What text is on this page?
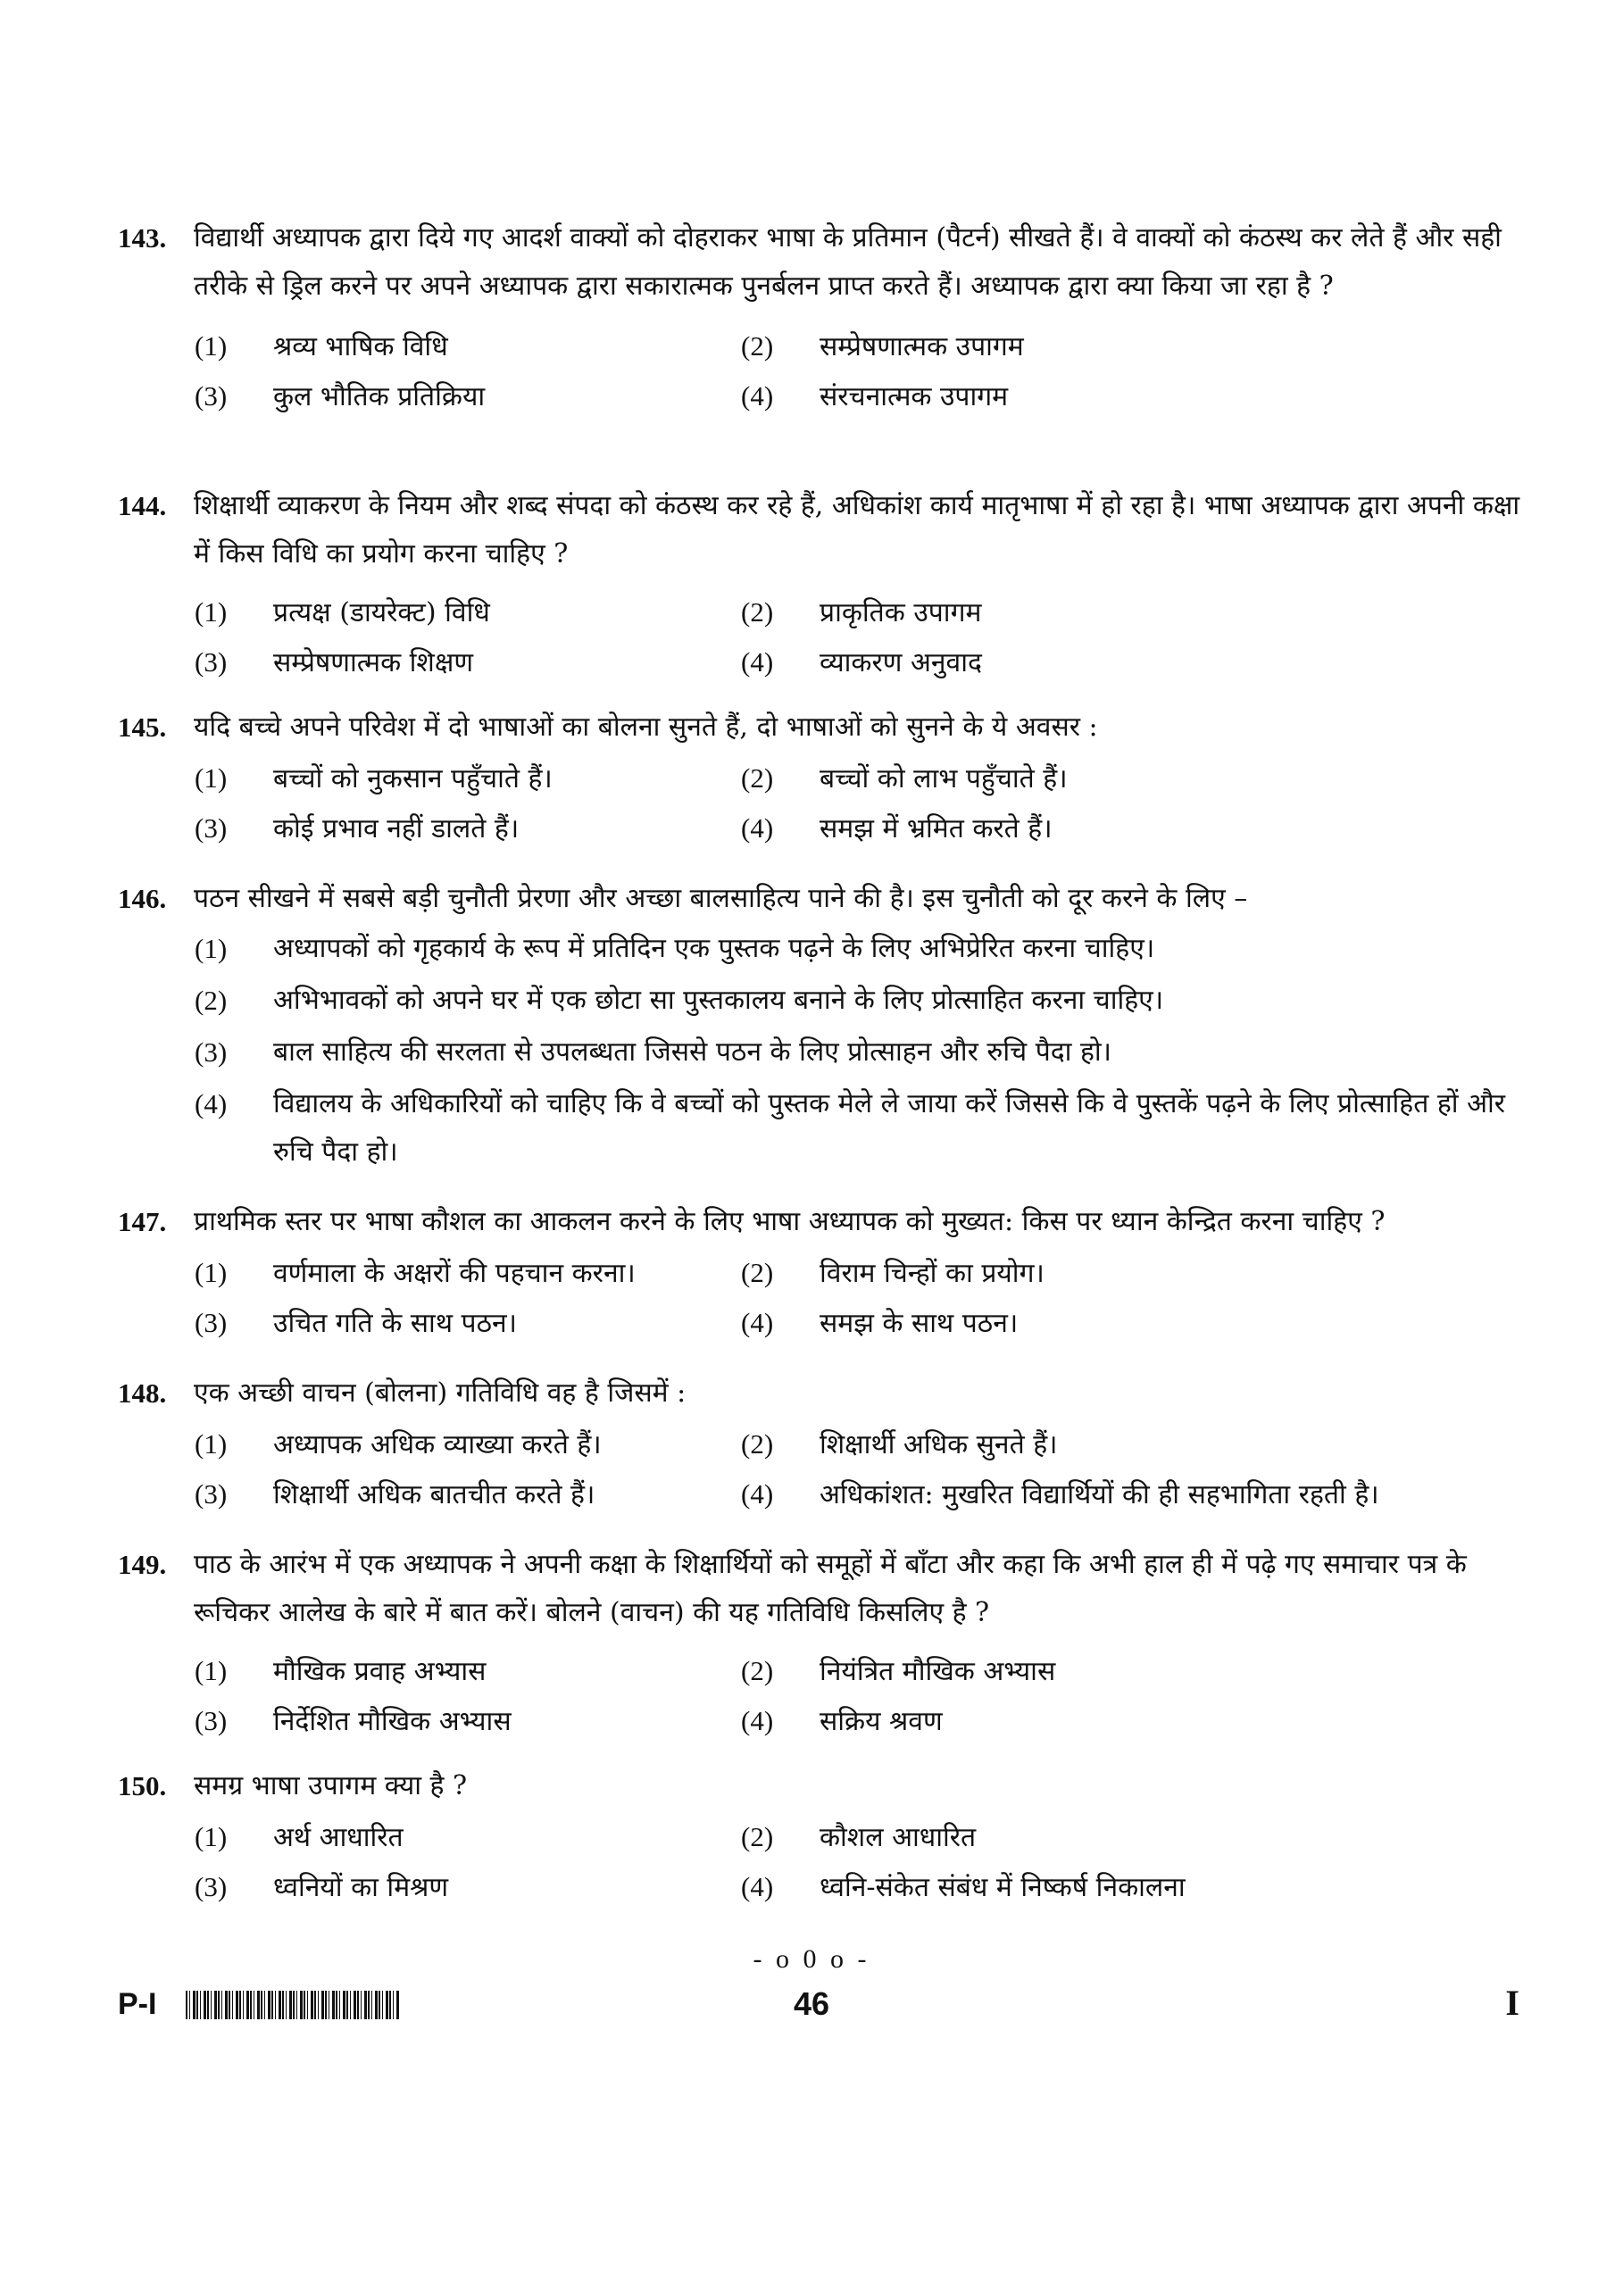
143. विद्यार्थी अध्यापक द्वारा दिये गए आदर्श वाक्यों को दोहराकर भाषा के प्रतिमान (पैटर्न) सीखते हैं। वे वाक्यों को कंठस्थ कर लेते हैं और सही तरीके से ड्रिल करने पर अपने अध्यापक द्वारा सकारात्मक पुनर्बलन प्राप्त करते हैं। अध्यापक द्वारा क्या किया जा रहा है ?
(1) श्रव्य भाषिक विधि	(2) सम्प्रेषणात्मक उपागम
(3) कुल भौतिक प्रतिक्रिया	(4) संरचनात्मक उपागम
144. शिक्षार्थी व्याकरण के नियम और शब्द संपदा को कंठस्थ कर रहे हैं, अधिकांश कार्य मातृभाषा में हो रहा है। भाषा अध्यापक द्वारा अपनी कक्षा में किस विधि का प्रयोग करना चाहिए ?
(1) प्रत्यक्ष (डायरेक्ट) विधि	(2) प्राकृतिक उपागम
(3) सम्प्रेषणात्मक शिक्षण	(4) व्याकरण अनुवाद
145. यदि बच्चे अपने परिवेश में दो भाषाओं का बोलना सुनते हैं, दो भाषाओं को सुनने के ये अवसर :
(1) बच्चों को नुकसान पहुँचाते हैं।	(2) बच्चों को लाभ पहुँचाते हैं।
(3) कोई प्रभाव नहीं डालते हैं।	(4) समझ में भ्रमित करते हैं।
146. पठन सीखने में सबसे बड़ी चुनौती प्रेरणा और अच्छा बालसाहित्य पाने की है। इस चुनौती को दूर करने के लिए –
(1)	अध्यापकों को गृहकार्य के रूप में प्रतिदिन एक पुस्तक पढ़ने के लिए अभिप्रेरित करना चाहिए।
(2)	अभिभावकों को अपने घर में एक छोटा सा पुस्तकालय बनाने के लिए प्रोत्साहित करना चाहिए।
(3)	बाल साहित्य की सरलता से उपलब्धता जिससे पठन के लिए प्रोत्साहन और रुचि पैदा हो।
(4)	विद्यालय के अधिकारियों को चाहिए कि वे बच्चों को पुस्तक मेले ले जाया करें जिससे कि वे पुस्तकें पढ़ने के लिए प्रोत्साहित हों और रुचि पैदा हो।
147. प्राथमिक स्तर पर भाषा कौशल का आकलन करने के लिए भाषा अध्यापक को मुख्यत: किस पर ध्यान केन्द्रित करना चाहिए ?
(1) वर्णमाला के अक्षरों की पहचान करना।	(2) विराम चिन्हों का प्रयोग।
(3) उचित गति के साथ पठन।	(4) समझ के साथ पठन।
148. एक अच्छी वाचन (बोलना) गतिविधि वह है जिसमें :
(1) अध्यापक अधिक व्याख्या करते हैं।	(2) शिक्षार्थी अधिक सुनते हैं।
(3) शिक्षार्थी अधिक बातचीत करते हैं।	(4) अधिकांशत: मुखरित विद्यार्थियों की ही सहभागिता रहती है।
149. पाठ के आरंभ में एक अध्यापक ने अपनी कक्षा के शिक्षार्थियों को समूहों में बाँटा और कहा कि अभी हाल ही में पढ़े गए समाचार पत्र के रूचिकर आलेख के बारे में बात करें। बोलने (वाचन) की यह गतिविधि किसलिए है ?
(1) मौखिक प्रवाह अभ्यास	(2) नियंत्रित मौखिक अभ्यास
(3) निर्देशित मौखिक अभ्यास	(4) सक्रिय श्रवण
150. समग्र भाषा उपागम क्या है ?
(1) अर्थ आधारित	(2) कौशल आधारित
(3) ध्वनियों का मिश्रण	(4) ध्वनि-संकेत संबंध में निष्कर्ष निकालना
- o 0 o -
P-I	46	I
